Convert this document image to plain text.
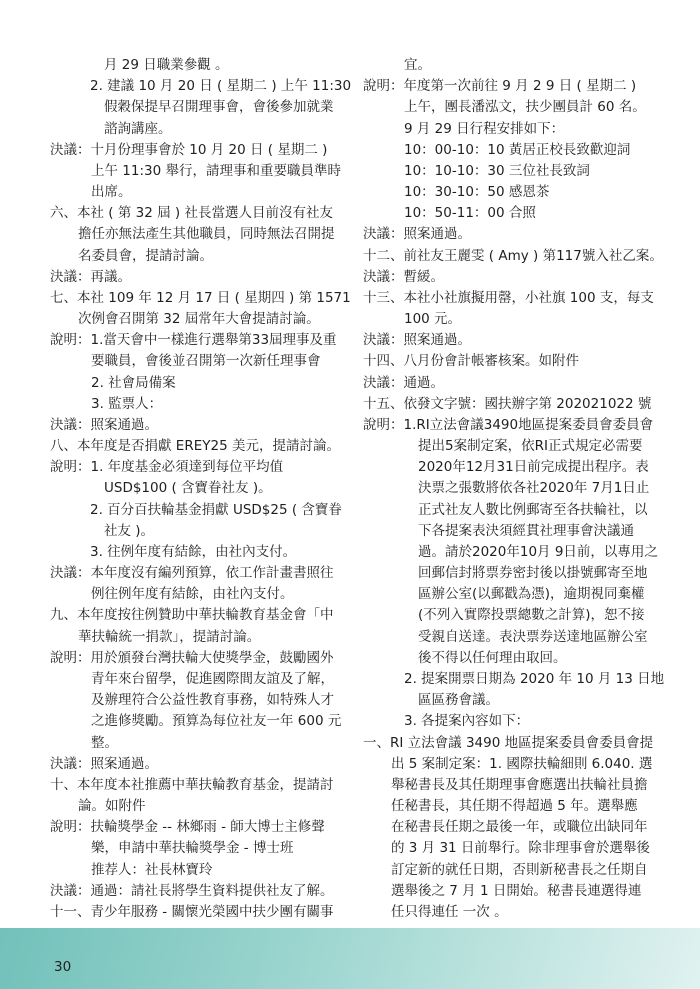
月 29 日職業參觀 。
2. 建議 10 月 20 日 ( 星期二 ) 上午 11:30
假穀保提早召開理事會，會後參加就業
諮詢講座。
決議：十月份理事會於 10 月 20 日 ( 星期二 )
上午 11:30 舉行，請理事和重要職員準時
出席。
六、本社 ( 第 32 屆 ) 社長當選人目前沒有社友
擔任亦無法產生其他職員，同時無法召開提
名委員會，提請討論。
決議：再議。
七、本社 109 年 12 月 17 日 ( 星期四 ) 第 1571
次例會召開第 32 屆常年大會提請討論。
說明：1.當天會中一樣進行選舉第33屆理事及重
要職員，會後並召開第一次新任理事會
2. 社會局備案
3. 監票人：
決議：照案通過。
八、本年度是否捐獻 EREY25 美元，提請討論。
說明：1. 年度基金必須達到每位平均值
USD$100 ( 含寶眷社友 )。
2. 百分百扶輪基金捐獻 USD$25 ( 含寶眷
社友 )。
3. 往例年度有結餘，由社內支付。
決議：本年度沒有編列預算，依工作計畫書照往
例往例年度有結餘，由社內支付。
九、本年度按往例贊助中華扶輪教育基金會「中
華扶輪統一捐款」，提請討論。
說明：用於頒發台灣扶輪大使獎學金，鼓勵國外
青年來台留學，促進國際間友誼及了解，
及辦理符合公益性教育事務，如特殊人才
之進修獎勵。預算為每位社友一年 600 元
整。
決議：照案通過。
十、本年度本社推薦中華扶輪教育基金，提請討
論。如附件
說明：扶輪獎學金 -- 林鄉雨 - 師大博士主修聲
樂，申請中華扶輪獎學金 - 博士班
推荐人：社長林寶玲
決議：通過：請社長將學生資料提供社友了解。
十一、青少年服務 - 關懷光榮國中扶少團有關事
宜。
說明：年度第一次前往 9 月 2 9 日 ( 星期二 )
上午，團長潘泓文，扶少團員計 60 名。
9 月 29 日行程安排如下：
10：00-10：10 黃居正校長致歡迎詞
10：10-10：30 三位社長致詞
10：30-10：50 感恩茶
10：50-11：00 合照
決議：照案通過。
十二、前社友王麗雯 ( Amy ) 第117號入社乙案。
決議：暫緩。
十三、本社小社旗擬用罄，小社旗 100 支，每支
100 元。
決議：照案通過。
十四、八月份會計帳審核案。如附件
決議：通過。
十五、依發文字號：國扶辦字第 202021022 號
說明：1.RI立法會議3490地區提案委員會委員會
提出5案制定案，依RI正式規定必需要
2020年12月31日前完成提出程序。表
決票之張數將依各社2020年 7月1日止
正式社友人數比例郵寄至各扶輪社，以
下各提案表決須經貫社理事會決議通
過。請於2020年10月 9日前，以專用之
回郵信封將票券密封後以掛號郵寄至地
區辦公室(以郵戳為憑)，逾期視同棄權
(不列入實際投票總數之計算)，恕不接
受親自送達。表決票券送達地區辦公室
後不得以任何理由取回。
2. 提案開票日期為 2020 年 10 月 13 日地
區區務會議。
3. 各提案內容如下：
一、RI 立法會議 3490 地區提案委員會委員會提
出 5 案制定案：1. 國際扶輪細則 6.040. 選
舉秘書長及其任期理事會應選出扶輪社員擔
任秘書長，其任期不得超過 5 年。選舉應
在秘書長任期之最後一年，或職位出缺同年
的 3 月 31 日前舉行。除非理事會於選舉後
訂定新的就任日期，否則新秘書長之任期自
選舉後之 7 月 1 日開始。秘書長連選得連
任只得連任 一次 。
30
